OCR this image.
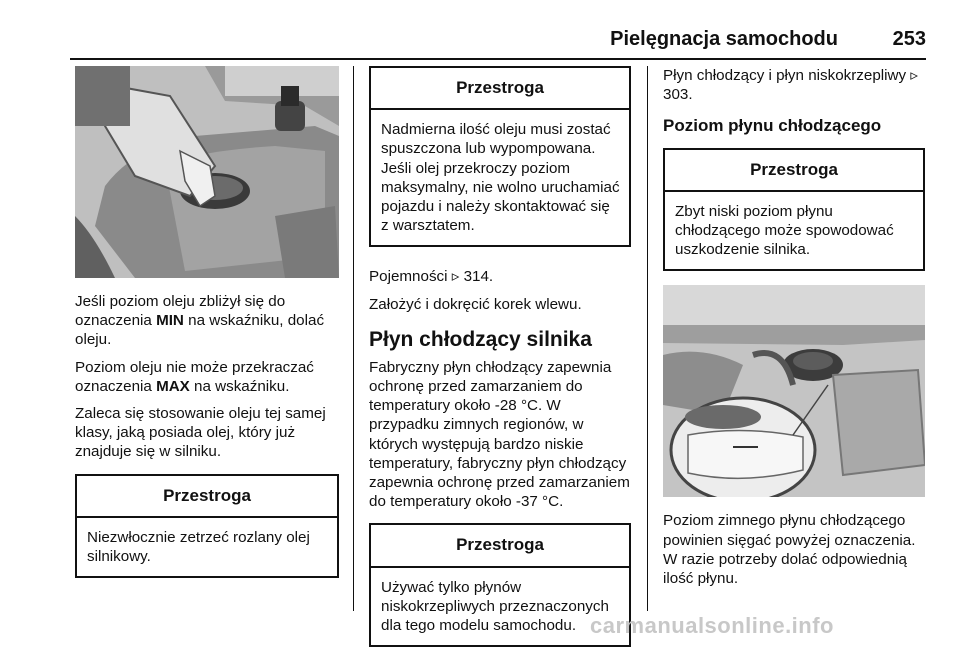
Pielęgnacja samochodu	253

Jeśli poziom oleju zbliżył się do oznaczenia MIN na wskaźniku, dolać oleju.

Poziom oleju nie może przekraczać oznaczenia MAX na wskaźniku.

Zaleca się stosowanie oleju tej samej klasy, jaką posiada olej, który już znajduje się w silniku.

Przestroga
Niezwłocznie zetrzeć rozlany olej silnikowy.
Przestroga
Nadmierna ilość oleju musi zostać spuszczona lub wypompowana. Jeśli olej przekroczy poziom maksymalny, nie wolno uruchamiać pojazdu i należy skontaktować się z warsztatem.

Pojemności ▹ 314.

Założyć i dokręcić korek wlewu.

Płyn chłodzący silnika

Fabryczny płyn chłodzący zapewnia ochronę przed zamarzaniem do temperatury około -28 °C. W przypadku zimnych regionów, w których występują bardzo niskie temperatury, fabryczny płyn chłodzący zapewnia ochronę przed zamarzaniem do temperatury około -37 °C.

Przestroga
Używać tylko płynów niskokrzepliwych przeznaczonych dla tego modelu samochodu.

Płyn chłodzący i płyn niskokrzepliwy ▹ 303.

Poziom płynu chłodzącego
Przestroga
Zbyt niski poziom płynu chłodzącego może spowodować uszkodzenie silnika.

Poziom zimnego płynu chłodzącego powinien sięgać powyżej oznaczenia. W razie potrzeby dolać odpowiednią ilość płynu.

carmanualsonline.info
